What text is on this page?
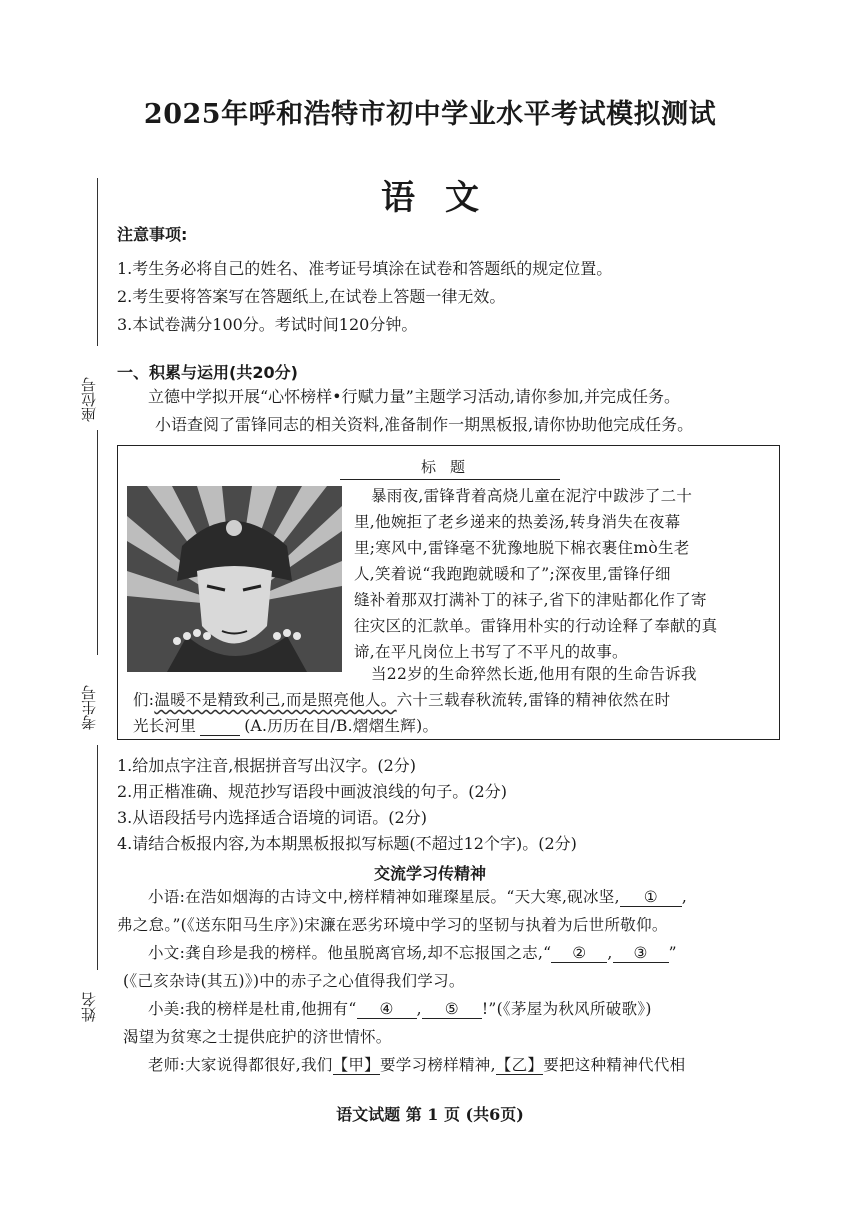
2025年呼和浩特市初中学业水平考试模拟测试
语文
座位号
考生号
姓名
注意事项:
1.考生务必将自己的姓名、准考证号填涂在试卷和答题纸的规定位置。
2.考生要将答案写在答题纸上,在试卷上答题一律无效。
3.本试卷满分100分。考试时间120分钟。
一、积累与运用(共20分)
立德中学拟开展“心怀榜样•行赋力量”主题学习活动,请你参加,并完成任务。
小语查阅了雷锋同志的相关资料,准备制作一期黑板报,请你协助他完成任务。
标题
暴雨夜,雷锋背着高烧儿童在泥泞中跋涉了二十
里,他婉拒了老乡递来的热姜汤,转身消失在夜幕
里;寒风中,雷锋毫不犹豫地脱下棉衣裹住mò生老
人,笑着说“我跑跑就暖和了”;深夜里,雷锋仔细
缝补着那双打满补丁的袜子,省下的津贴都化作了寄
往灾区的汇款单。雷锋用朴实的行动诠释了奉献的真
谛,在平凡岗位上书写了不平凡的故事。
当22岁的生命猝然长逝,他用有限的生命告诉我
们:温暖不是精致利己,而是照亮他人。六十三载春秋流转,雷锋的精神依然在时
光长河里	(A.历历在目/B.熠熠生辉)。
1.给加点字注音,根据拼音写出汉字。(2分)
2.用正楷准确、规范抄写语段中画波浪线的句子。(2分)
3.从语段括号内选择适合语境的词语。(2分)
4.请结合板报内容,为本期黑板报拟写标题(不超过12个字)。(2分)
交流学习传精神
小语:在浩如烟海的古诗文中,榜样精神如璀璨星辰。“天大寒,砚冰坚, ① ,
弗之怠。”(《送东阳马生序》)宋濂在恶劣环境中学习的坚韧与执着为后世所敬仰。
小文:龚自珍是我的榜样。他虽脱离官场,却不忘报国之志,“ ② , ③ ”
(《己亥杂诗(其五)》)中的赤子之心值得我们学习。
小美:我的榜样是杜甫,他拥有“ ④ , ⑤ !”(《茅屋为秋风所破歌》)
渴望为贫寒之士提供庇护的济世情怀。
老师:大家说得都很好,我们【甲】要学习榜样精神,【乙】要把这种精神代代相
语文试题 第 1 页 (共6页)
